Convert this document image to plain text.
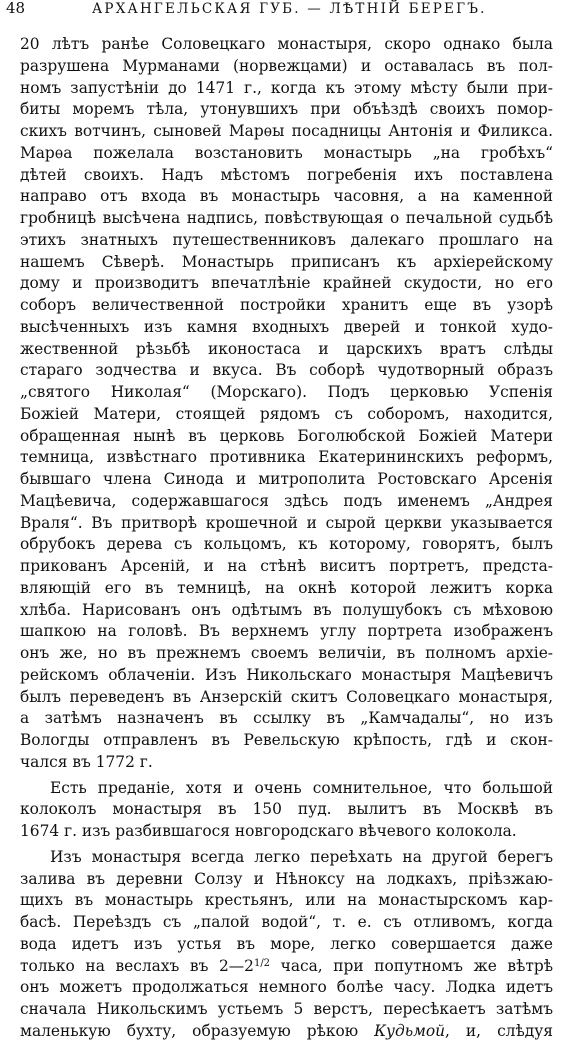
48	АРХАНГЕЛЬСКАЯ ГУБ. — ЛѢТНІЙ БЕРЕГЪ.
20 лѣтъ ранѣе Соловецкаго монастыря, скоро однако была
разрушена Мурманами (норвежцами) и оставалась въ пол-
номъ запустѣніи до 1471 г., когда къ этому мѣсту были при-
биты моремъ тѣла, утонувшихъ при объѣздѣ своихъ помор-
скихъ вотчинъ, сыновей Марѳы посадницы Антонія и Филикса.
Марѳа пожелала возстановить монастырь „на гробѣхъ“
дѣтей своихъ. Надъ мѣстомъ погребенія ихъ поставлена
направо отъ входа въ монастырь часовня, а на каменной
гробницѣ высѣчена надпись, повѣствующая о печальной судьбѣ
этихъ знатныхъ путешественниковъ далекаго прошлаго на
нашемъ Сѣверѣ. Монастырь приписанъ къ архіерейскому
дому и производитъ впечатлѣніе крайней скудости, но его
соборъ величественной постройки хранитъ еще въ узорѣ
высѣченныхъ изъ камня входныхъ дверей и тонкой худо-
жественной рѣзьбѣ иконостаса и царскихъ вратъ слѣды
стараго зодчества и вкуса. Въ соборѣ чудотворный образъ
„святого Николая“ (Морскаго). Подъ церковью Успенія
Божіей Матери, стоящей рядомъ съ соборомъ, находится,
обращенная нынѣ въ церковь Боголюбской Божіей Матери
темница, извѣстнаго противника Екатерининскихъ реформъ,
бывшаго члена Синода и митрополита Ростовскаго Арсенія
Мацѣевича, содержавшагося здѣсь подъ именемъ „Андрея
Враля“. Въ притворѣ крошечной и сырой церкви указывается
обрубокъ дерева съ кольцомъ, къ которому, говорятъ, былъ
прикованъ Арсеній, и на стѣнѣ виситъ портретъ, предста-
вляющій его въ темницѣ, на окнѣ которой лежитъ корка
хлѣба. Нарисованъ онъ одѣтымъ въ полушубокъ съ мѣховою
шапкою на головѣ. Въ верхнемъ углу портрета изображенъ
онъ же, но въ прежнемъ своемъ величіи, въ полномъ архіе-
рейскомъ облаченіи. Изъ Никольскаго монастыря Мацѣевичъ
былъ переведенъ въ Анзерскій скитъ Соловецкаго монастыря,
а затѣмъ назначенъ въ ссылку въ „Камчадалы“, но изъ
Вологды отправленъ въ Ревельскую крѣпость, гдѣ и скон-
чался въ 1772 г.
Есть преданіе, хотя и очень сомнительное, что большой
колоколъ монастыря въ 150 пуд. вылитъ въ Москвѣ въ
1674 г. изъ разбившагося новгородскаго вѣчевого колокола.
Изъ монастыря всегда легко переѣхать на другой берегъ
залива въ деревни Солзу и Нѣноксу на лодкахъ, пріѣзжаю-
щихъ въ монастырь крестьянъ, или на монастырскомъ кар-
басѣ. Переѣздъ съ „палой водой“, т. е. съ отливомъ, когда
вода идетъ изъ устья въ море, легко совершается даже
только на веслахъ въ $2—2^{1/2}$ часа, при попутномъ же вѣтрѣ
онъ можетъ продолжаться немного болѣе часу. Лодка идетъ
сначала Никольскимъ устьемъ 5 верстъ, пересѣкаетъ затѣмъ
маленькую бухту, образуемую рѣкою Кудьмой, и, слѣдуя
